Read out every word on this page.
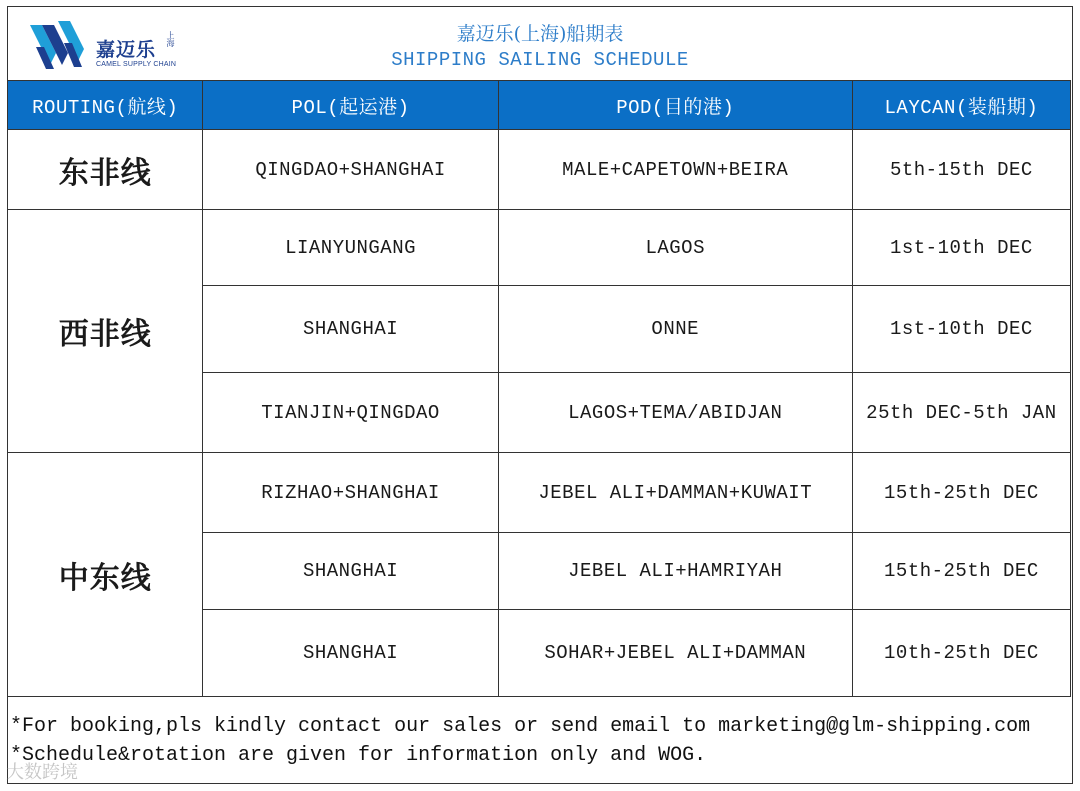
嘉迈乐 上海
CAMEL SUPPLY CHAIN
嘉迈乐(上海)船期表
SHIPPING SAILING SCHEDULE
ROUTING(航线)	POL(起运港)	POD(目的港)	LAYCAN(装船期)
东非线	QINGDAO+SHANGHAI	MALE+CAPETOWN+BEIRA	5th-15th DEC
西非线	LIANYUNGANG	LAGOS	1st-10th DEC
	SHANGHAI	ONNE	1st-10th DEC
	TIANJIN+QINGDAO	LAGOS+TEMA/ABIDJAN	25th DEC-5th JAN
中东线	RIZHAO+SHANGHAI	JEBEL ALI+DAMMAN+KUWAIT	15th-25th DEC
	SHANGHAI	JEBEL ALI+HAMRIYAH	15th-25th DEC
	SHANGHAI	SOHAR+JEBEL ALI+DAMMAN	10th-25th DEC
*For booking,pls kindly contact our sales or send email to marketing@glm-shipping.com
*Schedule&rotation are given for information only and WOG.
大数跨境
